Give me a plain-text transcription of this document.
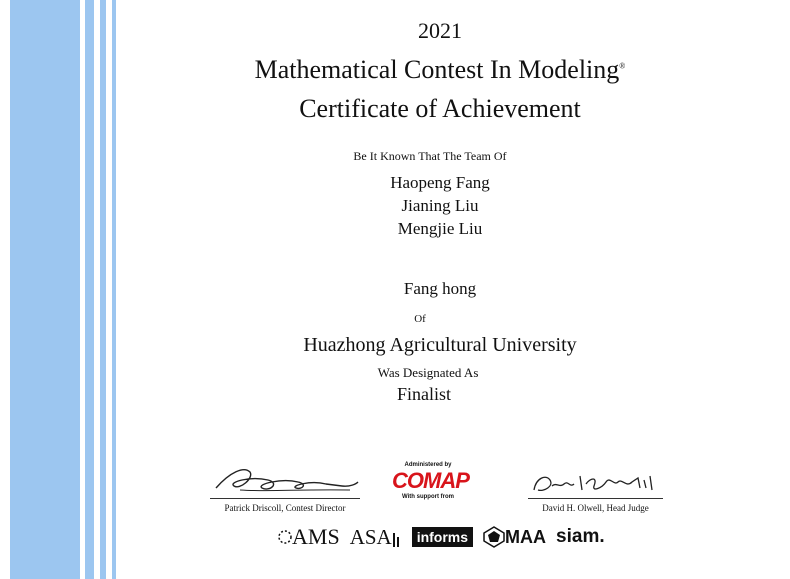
2021
Mathematical Contest In Modeling®
Certificate of Achievement
Be It Known That The Team Of
Haopeng Fang
Jianing Liu
Mengjie Liu
Fang hong
Of
Huazhong Agricultural University
Was Designated As
Finalist
Patrick Driscoll, Contest Director
Administered by
COMAP
With support from
David H. Olwell, Head Judge
AMS ASA	informs MAA siam.
